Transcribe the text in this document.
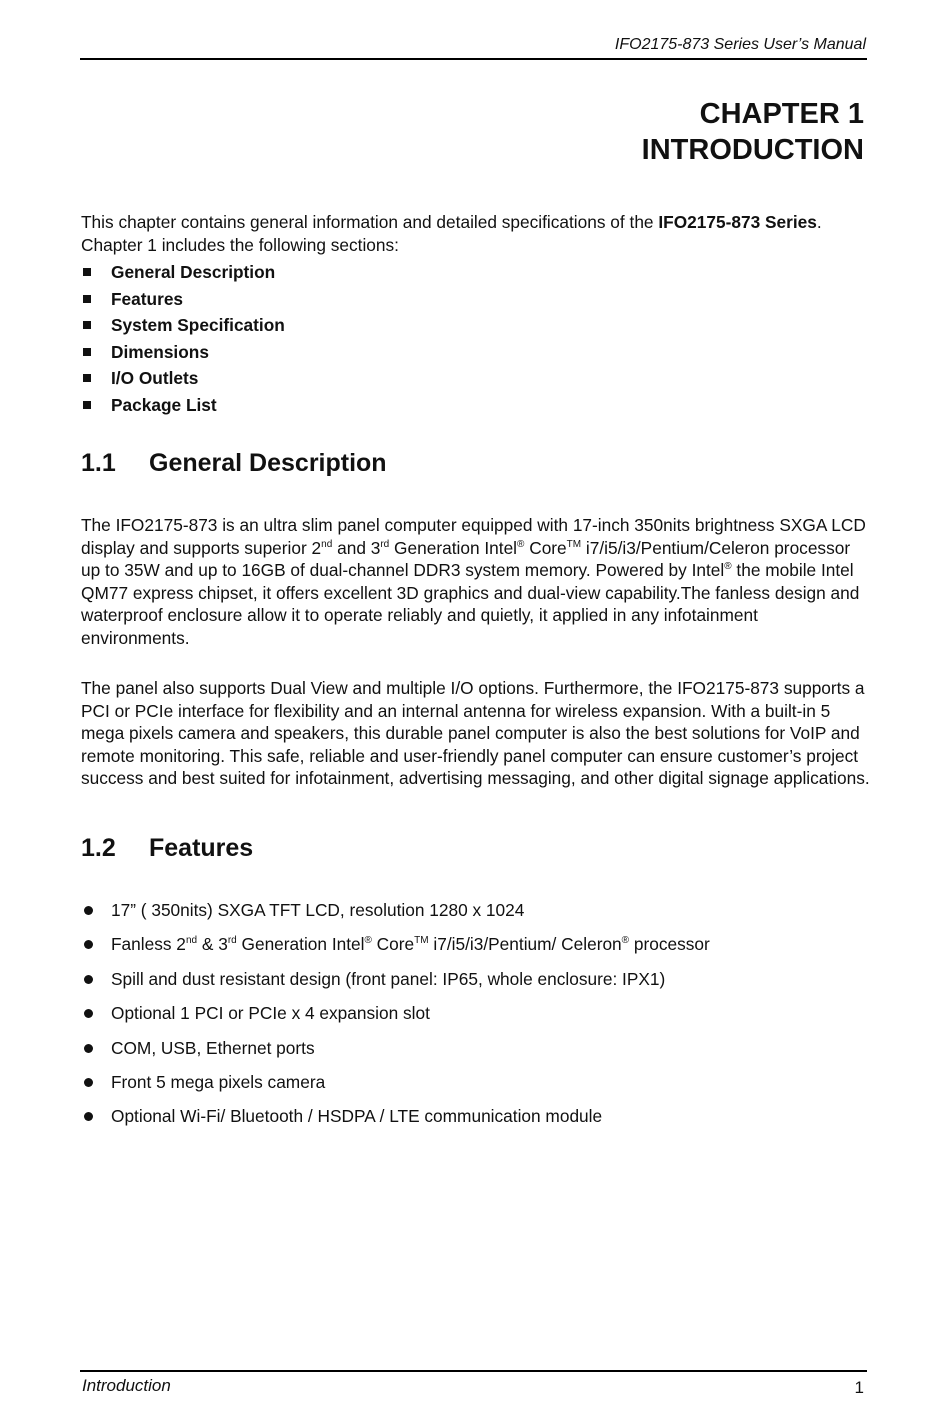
IFO2175-873 Series User’s Manual
CHAPTER 1
INTRODUCTION
This chapter contains general information and detailed specifications of the IFO2175-873 Series. Chapter 1 includes the following sections:
General Description
Features
System Specification
Dimensions
I/O Outlets
Package List
1.1 General Description
The IFO2175-873 is an ultra slim panel computer equipped with 17-inch 350nits brightness SXGA LCD display and supports superior 2nd and 3rd Generation Intel® Core™ i7/i5/i3/Pentium/Celeron processor up to 35W and up to 16GB of dual-channel DDR3 system memory. Powered by Intel® the mobile Intel QM77 express chipset, it offers excellent 3D graphics and dual-view capability.The fanless design and waterproof enclosure allow it to operate reliably and quietly, it applied in any infotainment environments.
The panel also supports Dual View and multiple I/O options. Furthermore, the IFO2175-873 supports a PCI or PCIe interface for flexibility and an internal antenna for wireless expansion. With a built-in 5 mega pixels camera and speakers, this durable panel computer is also the best solutions for VoIP and remote monitoring. This safe, reliable and user-friendly panel computer can ensure customer’s project success and best suited for infotainment, advertising messaging, and other digital signage applications.
1.2 Features
17” ( 350nits) SXGA TFT LCD, resolution 1280 x 1024
Fanless 2nd & 3rd Generation Intel® Core™ i7/i5/i3/Pentium/ Celeron® processor
Spill and dust resistant design (front panel: IP65, whole enclosure: IPX1)
Optional 1 PCI or PCIe x 4 expansion slot
COM, USB, Ethernet ports
Front 5 mega pixels camera
Optional Wi-Fi/ Bluetooth / HSDPA / LTE communication module
Introduction	1
